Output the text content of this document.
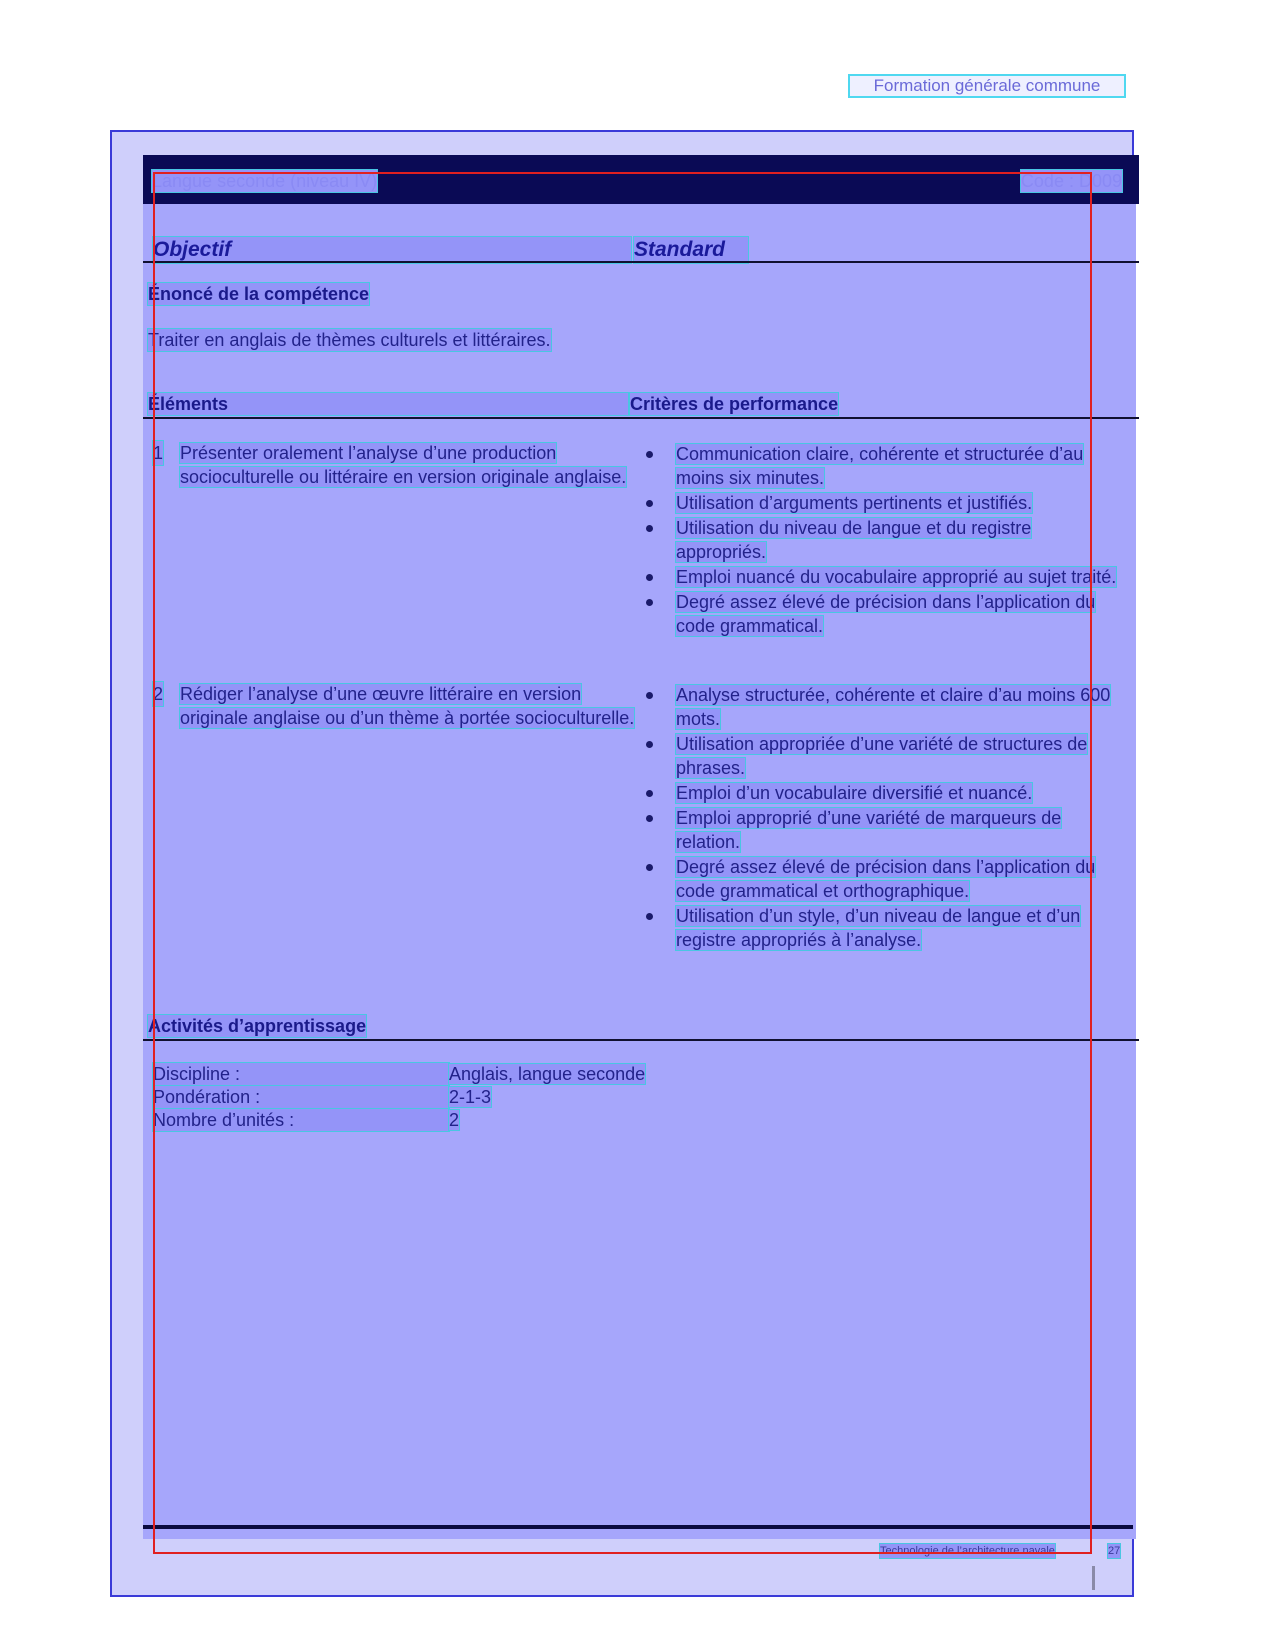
Formation générale commune
Langue seconde (niveau IV)	Code : D009
Objectif	Standard
Énoncé de la compétence
Traiter en anglais de thèmes culturels et littéraires.
Éléments	Critères de performance
1 Présenter oralement l’analyse d’une production socioculturelle ou littéraire en version originale anglaise.
Communication claire, cohérente et structurée d’au moins six minutes.
Utilisation d’arguments pertinents et justifiés.
Utilisation du niveau de langue et du registre appropriés.
Emploi nuancé du vocabulaire approprié au sujet traité.
Degré assez élevé de précision dans l’application du code grammatical.
2 Rédiger l’analyse d’une œuvre littéraire en version originale anglaise ou d’un thème à portée socioculturelle.
Analyse structurée, cohérente et claire d’au moins 600 mots.
Utilisation appropriée d’une variété de structures de phrases.
Emploi d’un vocabulaire diversifié et nuancé.
Emploi approprié d’une variété de marqueurs de relation.
Degré assez élevé de précision dans l’application du code grammatical et orthographique.
Utilisation d’un style, d’un niveau de langue et d’un registre appropriés à l’analyse.
Activités d’apprentissage
Discipline :	Anglais, langue seconde
Pondération :	2-1-3
Nombre d’unités :	2
Technologie de l’architecture navale	27
